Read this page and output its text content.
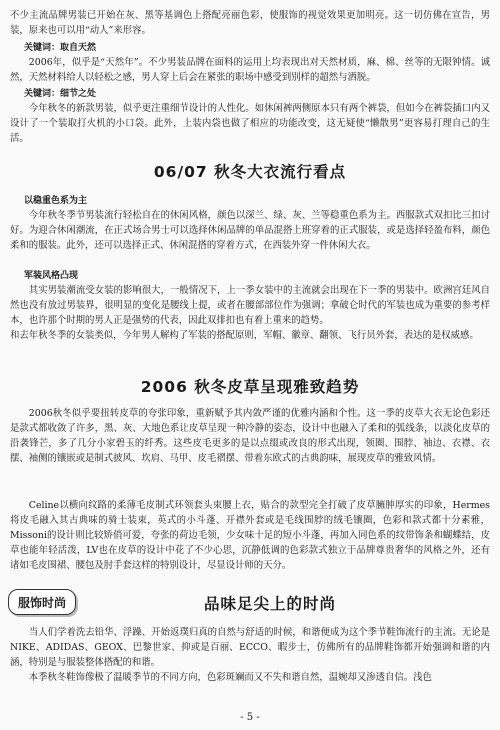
不少主流品牌男装已开始在灰、黑等基调色上搭配亮丽色彩，使服饰的视觉效果更加明亮。这一切仿佛在宣告，男装，原来也可以用“动人”来形容。

关键词：取自天然

2006年，似乎是“天然年”。不少男装品牌在面料的运用上均表现出对天然材质，麻、棉、丝等的无限钟情。诚然，天然材料给人以轻松之感，男人穿上后会在紧张的职场中感受到别样的超然与洒脱。

关键词：细节之处

今年秋冬的新款男装，似乎更注重细节设计的人性化。如休闲裤两侧原本只有两个裤袋，但如今在裤袋插口内又设计了一个装取打火机的小口袋。此外，上装内袋也做了相应的功能改变，这无疑使“懒散男”更容易打理自己的生活。

06/07 秋冬大衣流行看点

以稳重色系为主

今年秋冬季节男装流行轻松自在的休闲风格，颜色以深兰、绿、灰、兰等稳重色系为主。西服款式双扣比三扣讨好。为迎合休闲潮流，在正式场合男士可以选择休闲品牌的单品混搭上班穿着的正式服装，或是选择轻盈布料，颜色柔和的服装。此外，还可以选择正式、休闲混搭的穿着方式，在西装外穿一件休闲大衣。

军装风格凸现

其实男装潮流受女装的影响很大，一般情况下，上一季女装中的主流就会出现在下一季的男装中。欧洲宫廷风自然也没有放过男装界，很明显的变化是腰线上提，或者在腰部部位作为强调；拿破仑时代的军装也成为重要的参考样本，也许那个时期的男人正是强势的代表，因此双排扣也有着上重来的趋势。

和去年秋冬季的女装类似，今年男人解构了军装的搭配原则，军帽、徽章、翻领、飞行员外套，表达的是权威感。

2006 秋冬皮草呈现雅致趋势

2006秋冬似乎要扭转皮草的夸张印象，重新赋予其内敛严谨的优雅内涵和个性。这一季的皮草大衣无论色彩还是款式都收敛了许多，黑、灰、大地色系让皮草呈现一种冷静的姿态，设计中也融入了柔和的弧线条，以淡化皮草的沿袭锋芒，多了几分小家碧玉的纤秀。这些皮毛更多的是以点缀或改良的形式出现，领圈、围脖、袖边、衣襟、衣摆、袖侧的镶嵌或是制式披风、坎肩、马甲、皮毛褶摆、带着东欧式的古典韵味，展现皮草的雅致风情。

Celine以横向纹路的柔薄毛皮制式环领套头束腰上衣，贴合的款型完全打破了皮草臃肿厚实的印象，Hermes将皮毛融入其古典味的骑士装束，英式的小斗蓬、开襟外套或是毛线围脖的绒毛镶圈，色彩和款式都十分素雅，Missoni的设计则比较矫俏可爱，夸张的荷边毛领，少女味十足的短小斗蓬，再加入同色系的纹带饰条和蝴蝶结，皮草也能年轻活泼，LV也在皮草的设计中花了不少心思，沉静低调的色彩款式独立于品牌尊贵奢华的风格之外，还有诸如毛皮围裙、腰包及肘手套这样的特别设计，尽显设计师的天分。

服饰时尚	品味足尖上的时尚

当人们学着洗去铅华、浮躁、开始返璞归真的自然与舒适的时候，和谐便成为这个季节鞋饰流行的主流。无论是NIKE、ADIDAS、GEOX、巴黎世家、抑或是百丽、ECCO、暇步士，仿佛所有的品牌鞋饰都开始强调和谐的内涵，特别是与服装整体搭配的和谐。

本季秋冬鞋饰像极了温暖季节的不同方向，色彩斑斓而又不失和谐自然，温婉却又渗透自信。浅色

- 5 -
